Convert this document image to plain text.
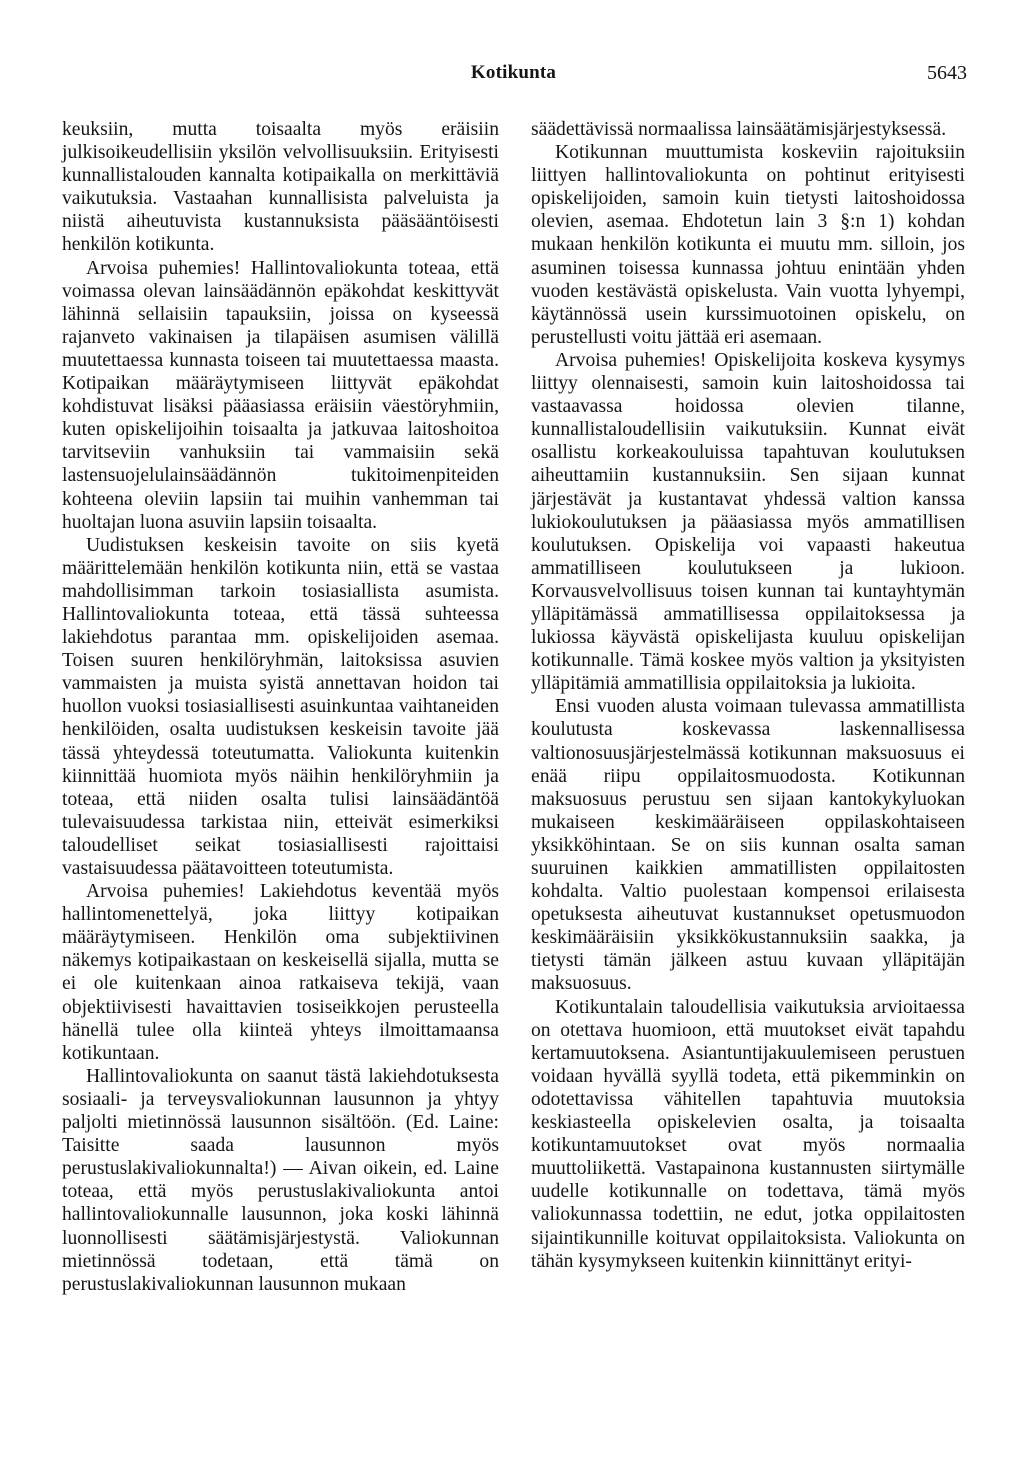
Kotikunta	5643

keuksiin, mutta toisaalta myös eräisiin julkisoikeudellisiin yksilön velvollisuuksiin. Erityisesti kunnallistalouden kannalta kotipaikalla on merkittäviä vaikutuksia. Vastaahan kunnallisista palveluista ja niistä aiheutuvista kustannuksista pääsääntöisesti henkilön kotikunta.

Arvoisa puhemies! Hallintovaliokunta toteaa, että voimassa olevan lainsäädännön epäkohdat keskittyvät lähinnä sellaisiin tapauksiin, joissa on kyseessä rajanveto vakinaisen ja tilapäisen asumisen välillä muutettaessa kunnasta toiseen tai muutettaessa maasta. Kotipaikan määräytymiseen liittyvät epäkohdat kohdistuvat lisäksi pääasiassa eräisiin väestöryhmiin, kuten opiskelijoihin toisaalta ja jatkuvaa laitoshoitoa tarvitseviin vanhuksiin tai vammaisiin sekä lastensuojelulainsäädännön tukitoimenpiteiden kohteena oleviin lapsiin tai muihin vanhemman tai huoltajan luona asuviin lapsiin toisaalta.

Uudistuksen keskeisin tavoite on siis kyetä määrittelemään henkilön kotikunta niin, että se vastaa mahdollisimman tarkoin tosiasiallista asumista. Hallintovaliokunta toteaa, että tässä suhteessa lakiehdotus parantaa mm. opiskelijoiden asemaa. Toisen suuren henkilöryhmän, laitoksissa asuvien vammaisten ja muista syistä annettavan hoidon tai huollon vuoksi tosiasiallisesti asuinkuntaa vaihtaneiden henkilöiden, osalta uudistuksen keskeisin tavoite jää tässä yhteydessä toteutumatta. Valiokunta kuitenkin kiinnittää huomiota myös näihin henkilöryhmiin ja toteaa, että niiden osalta tulisi lainsäädäntöä tulevaisuudessa tarkistaa niin, etteivät esimerkiksi taloudelliset seikat tosiasiallisesti rajoittaisi vastaisuudessa päätavoitteen toteutumista.

Arvoisa puhemies! Lakiehdotus keventää myös hallintomenettelyä, joka liittyy kotipaikan määräytymiseen. Henkilön oma subjektiivinen näkemys kotipaikastaan on keskeisellä sijalla, mutta se ei ole kuitenkaan ainoa ratkaiseva tekijä, vaan objektiivisesti havaittavien tosiseikkojen perusteella hänellä tulee olla kiinteä yhteys ilmoittamaansa kotikuntaan.

Hallintovaliokunta on saanut tästä lakiehdotuksesta sosiaali- ja terveysvaliokunnan lausunnon ja yhtyy paljolti mietinnössä lausunnon sisältöön. (Ed. Laine: Taisitte saada lausunnon myös perustuslakivaliokunnalta!) — Aivan oikein, ed. Laine toteaa, että myös perustuslakivaliokunta antoi hallintovaliokunnalle lausunnon, joka koski lähinnä luonnollisesti säätämisjärjestystä. Valiokunnan mietinnössä todetaan, että tämä on perustuslakivaliokunnan lausunnon mukaan

säädettävissä normaalissa lainsäätämisjärjestyksessä.

Kotikunnan muuttumista koskeviin rajoituksiin liittyen hallintovaliokunta on pohtinut erityisesti opiskelijoiden, samoin kuin tietysti laitoshoidossa olevien, asemaa. Ehdotetun lain 3 §:n 1) kohdan mukaan henkilön kotikunta ei muutu mm. silloin, jos asuminen toisessa kunnassa johtuu enintään yhden vuoden kestävästä opiskelusta. Vain vuotta lyhyempi, käytännössä usein kurssimuotoinen opiskelu, on perustellusti voitu jättää eri asemaan.

Arvoisa puhemies! Opiskelijoita koskeva kysymys liittyy olennaisesti, samoin kuin laitoshoidossa tai vastaavassa hoidossa olevien tilanne, kunnallistaloudellisiin vaikutuksiin. Kunnat eivät osallistu korkeakouluissa tapahtuvan koulutuksen aiheuttamiin kustannuksiin. Sen sijaan kunnat järjestävät ja kustantavat yhdessä valtion kanssa lukiokoulutuksen ja pääasiassa myös ammatillisen koulutuksen. Opiskelija voi vapaasti hakeutua ammatilliseen koulutukseen ja lukioon. Korvausvelvollisuus toisen kunnan tai kuntayhtymän ylläpitämässä ammatillisessa oppilaitoksessa ja lukiossa käyvästä opiskelijasta kuuluu opiskelijan kotikunnalle. Tämä koskee myös valtion ja yksityisten ylläpitämiä ammatillisia oppilaitoksia ja lukioita.

Ensi vuoden alusta voimaan tulevassa ammatillista koulutusta koskevassa laskennallisessa valtionosuusjärjestelmässä kotikunnan maksuosuus ei enää riipu oppilaitosmuodosta. Kotikunnan maksuosuus perustuu sen sijaan kantokykyluokan mukaiseen keskimääräiseen oppilaskohtaiseen yksikköhintaan. Se on siis kunnan osalta saman suuruinen kaikkien ammatillisten oppilaitosten kohdalta. Valtio puolestaan kompensoi erilaisesta opetuksesta aiheutuvat kustannukset opetusmuodon keskimääräisiin yksikkökustannuksiin saakka, ja tietysti tämän jälkeen astuu kuvaan ylläpitäjän maksuosuus.

Kotikuntalain taloudellisia vaikutuksia arvioitaessa on otettava huomioon, että muutokset eivät tapahdu kertamuutoksena. Asiantuntijakuulemiseen perustuen voidaan hyvällä syyllä todeta, että pikemminkin on odotettavissa vähitellen tapahtuvia muutoksia keskiasteella opiskelevien osalta, ja toisaalta kotikuntamuutokset ovat myös normaalia muuttoliikettä. Vastapainona kustannusten siirtymälle uudelle kotikunnalle on todettava, tämä myös valiokunnassa todettiin, ne edut, jotka oppilaitosten sijaintikunnille koituvat oppilaitoksista. Valiokunta on tähän kysymykseen kuitenkin kiinnittänyt erityi-
